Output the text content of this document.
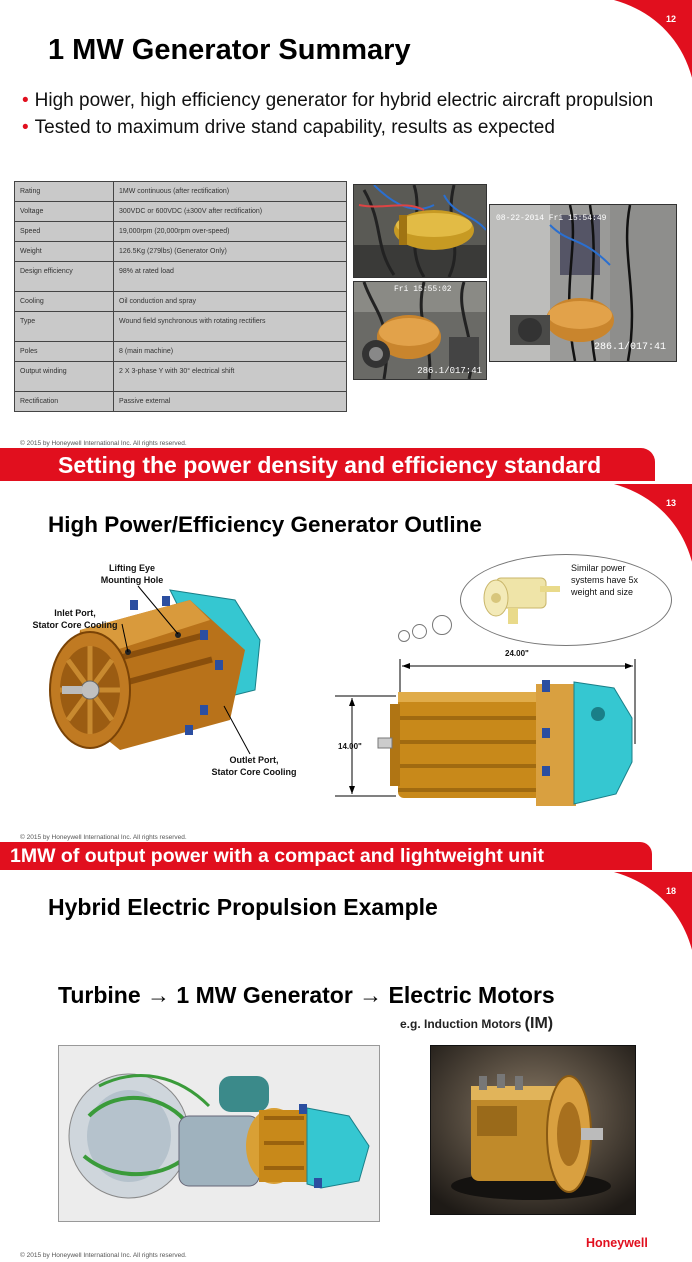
12
1 MW Generator Summary
• High power, high efficiency generator for hybrid electric aircraft propulsion
• Tested to maximum drive stand capability, results as expected
Rating	1MW continuous (after rectification)
Voltage	300VDC or 600VDC (±300V after rectification)
Speed	19,000rpm (20,000rpm over-speed)
Weight	126.5Kg (279lbs) (Generator Only)
Design efficiency	98% at rated load
Cooling	Oil conduction and spray
Type	Wound field synchronous with rotating rectifiers
Poles	8 (main machine)
Output winding	2 X 3-phase Y with 30° electrical shift
Rectification	Passive external
Fri 15:55:02
286.1/017:41
08-22-2014 Fri 15:54:49
286.1/017:41
© 2015 by Honeywell International Inc. All rights reserved.
Setting the power density and efficiency standard
13
High Power/Efficiency Generator Outline
Lifting Eye
Mounting Hole
Inlet Port,
Stator Core Cooling
Outlet Port,
Stator Core Cooling
Similar power
systems have 5x
weight and size
24.00"
14.00"
© 2015 by Honeywell International Inc. All rights reserved.
1MW of output power with a compact and lightweight unit
18
Hybrid Electric Propulsion Example
Turbine → 1 MW Generator → Electric Motors
e.g. Induction Motors (IM)
© 2015 by Honeywell International Inc. All rights reserved.
Honeywell
